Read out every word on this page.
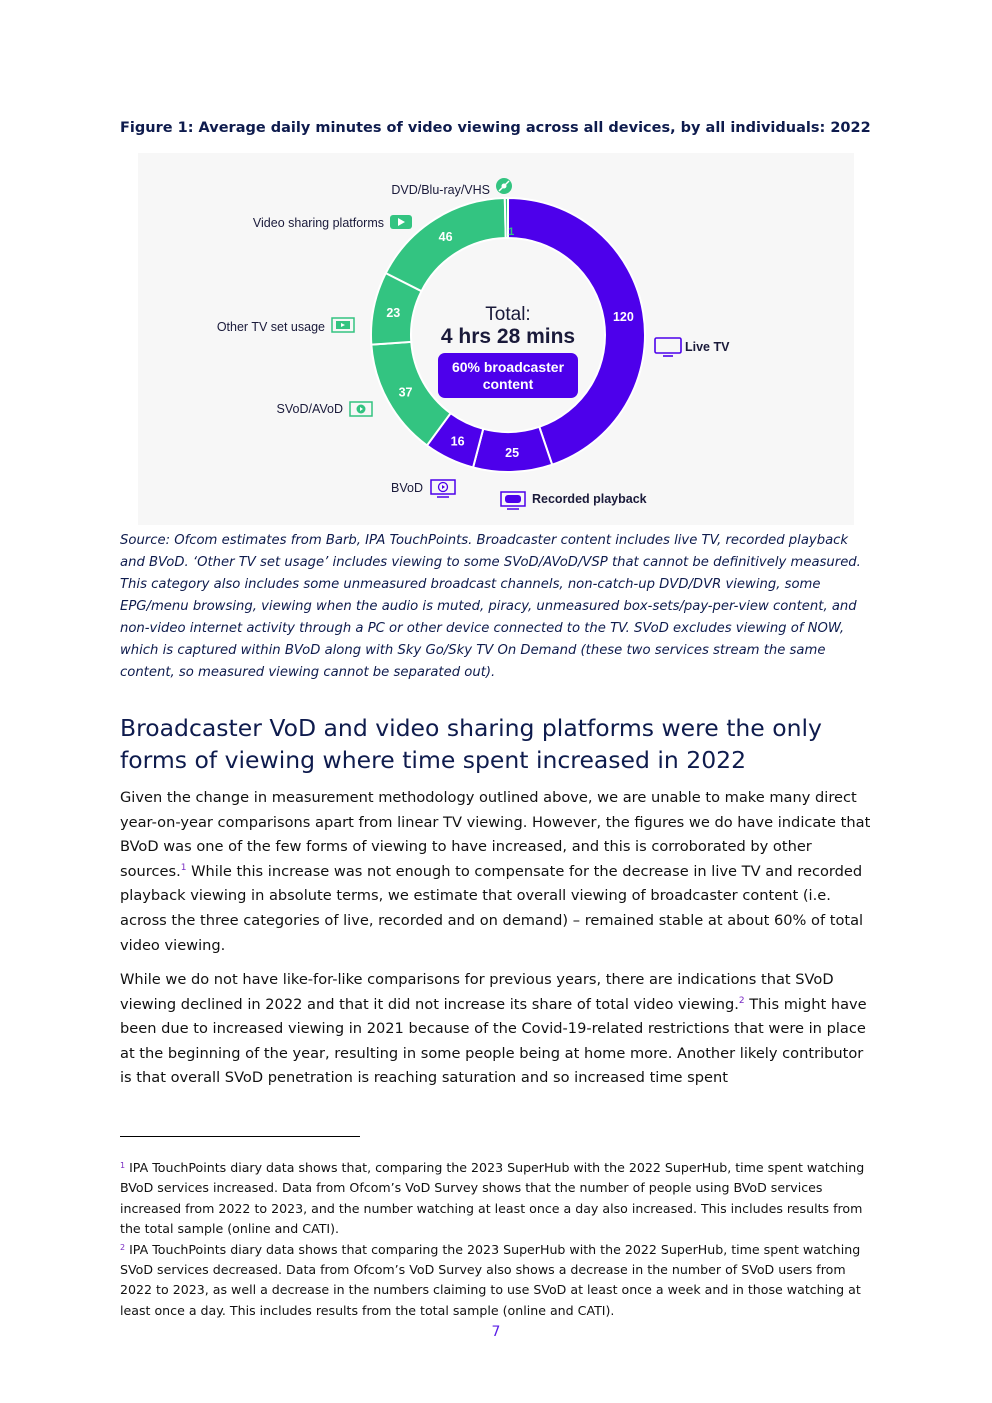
Figure 1: Average daily minutes of video viewing across all devices, by all individuals: 2022
120
25
16
37
23
46	1
Live TV
Recorded playback
BVoD
SVoD/AVoD
Other TV set usage
Video sharing platforms
DVD/Blu-ray/VHS
Total:
4 hrs 28 mins
60% broadcaster
content
Source: Ofcom estimates from Barb, IPA TouchPoints. Broadcaster content includes live TV, recorded playback and BVoD. ‘Other TV set usage’ includes viewing to some SVoD/AVoD/VSP that cannot be definitively measured. This category also includes some unmeasured broadcast channels, non-catch-up DVD/DVR viewing, some EPG/menu browsing, viewing when the audio is muted, piracy, unmeasured box-sets/pay-per-view content, and non-video internet activity through a PC or other device connected to the TV. SVoD excludes viewing of NOW, which is captured within BVoD along with Sky Go/Sky TV On Demand (these two services stream the same content, so measured viewing cannot be separated out).
Broadcaster VoD and video sharing platforms were the only forms of viewing where time spent increased in 2022
Given the change in measurement methodology outlined above, we are unable to make many direct year-on-year comparisons apart from linear TV viewing. However, the figures we do have indicate that BVoD was one of the few forms of viewing to have increased, and this is corroborated by other sources.$^1$ While this increase was not enough to compensate for the decrease in live TV and recorded playback viewing in absolute terms, we estimate that overall viewing of broadcaster content (i.e. across the three categories of live, recorded and on demand) – remained stable at about 60% of total video viewing.
While we do not have like-for-like comparisons for previous years, there are indications that SVoD viewing declined in 2022 and that it did not increase its share of total video viewing.$^2$ This might have been due to increased viewing in 2021 because of the Covid-19-related restrictions that were in place at the beginning of the year, resulting in some people being at home more. Another likely contributor is that overall SVoD penetration is reaching saturation and so increased time spent

$^1$ IPA TouchPoints diary data shows that, comparing the 2023 SuperHub with the 2022 SuperHub, time spent watching BVoD services increased. Data from Ofcom’s VoD Survey shows that the number of people using BVoD services increased from 2022 to 2023, and the number watching at least once a day also increased. This includes results from the total sample (online and CATI).

$^2$ IPA TouchPoints diary data shows that comparing the 2023 SuperHub with the 2022 SuperHub, time spent watching SVoD services decreased. Data from Ofcom’s VoD Survey also shows a decrease in the number of SVoD users from 2022 to 2023, as well a decrease in the numbers claiming to use SVoD at least once a week and in those watching at least once a day. This includes results from the total sample (online and CATI).

7
